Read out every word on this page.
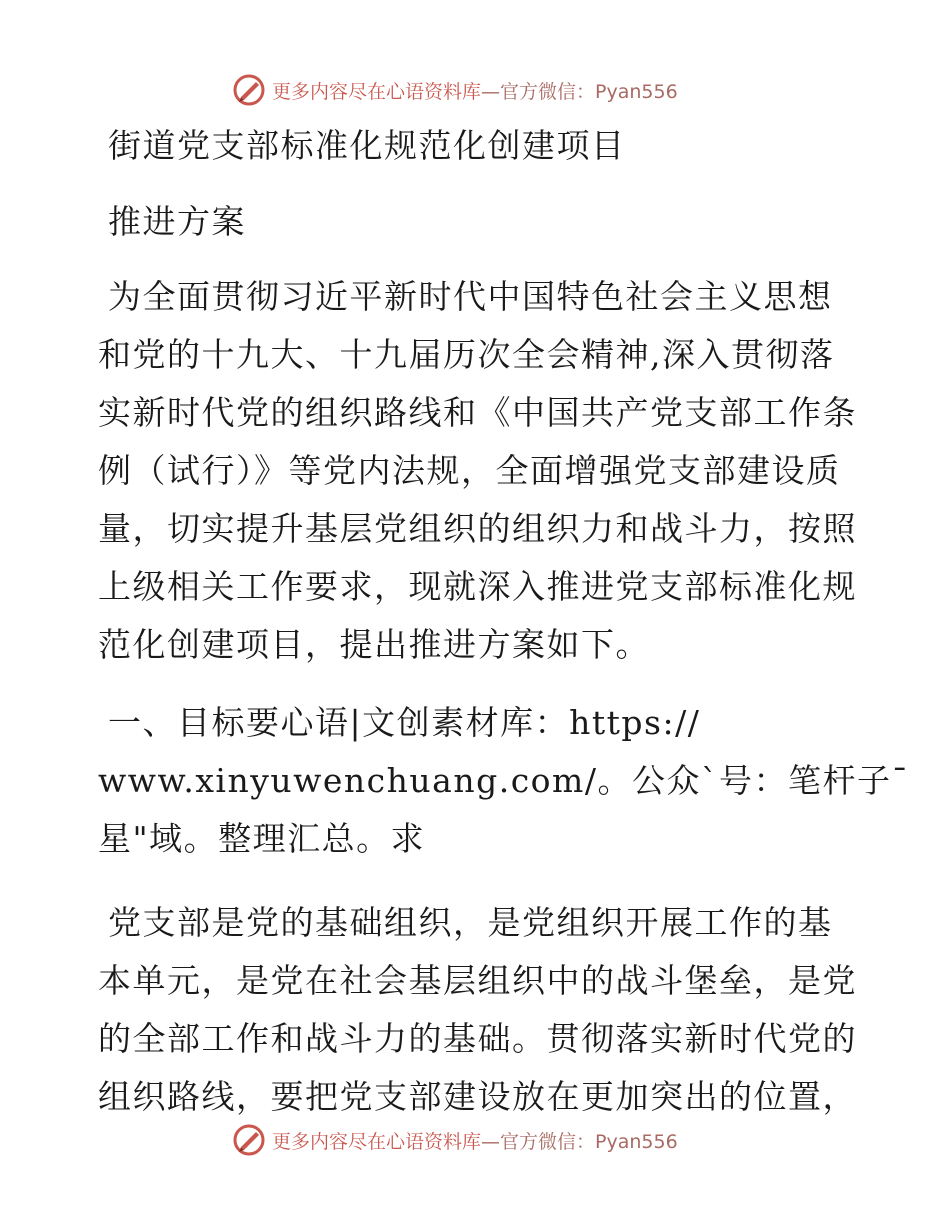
更多内容尽在心语资料库—官方微信：Pyan556
街道党支部标准化规范化创建项目
推进方案
为全面贯彻习近平新时代中国特色社会主义思想
和党的十九大、十九届历次全会精神,深入贯彻落
实新时代党的组织路线和《中国共产党支部工作条
例（试行）》等党内法规，全面增强党支部建设质
量，切实提升基层党组织的组织力和战斗力，按照
上级相关工作要求，现就深入推进党支部标准化规
范化创建项目，提出推进方案如下。
一、目标要心语|文创素材库：https://
www.xinyuwenchuang.com/。公众`号：笔杆子¯
星"域。整理汇总。求
党支部是党的基础组织，是党组织开展工作的基
本单元，是党在社会基层组织中的战斗堡垒，是党
的全部工作和战斗力的基础。贯彻落实新时代党的
组织路线，要把党支部建设放在更加突出的位置，
更多内容尽在心语资料库—官方微信：Pyan556
